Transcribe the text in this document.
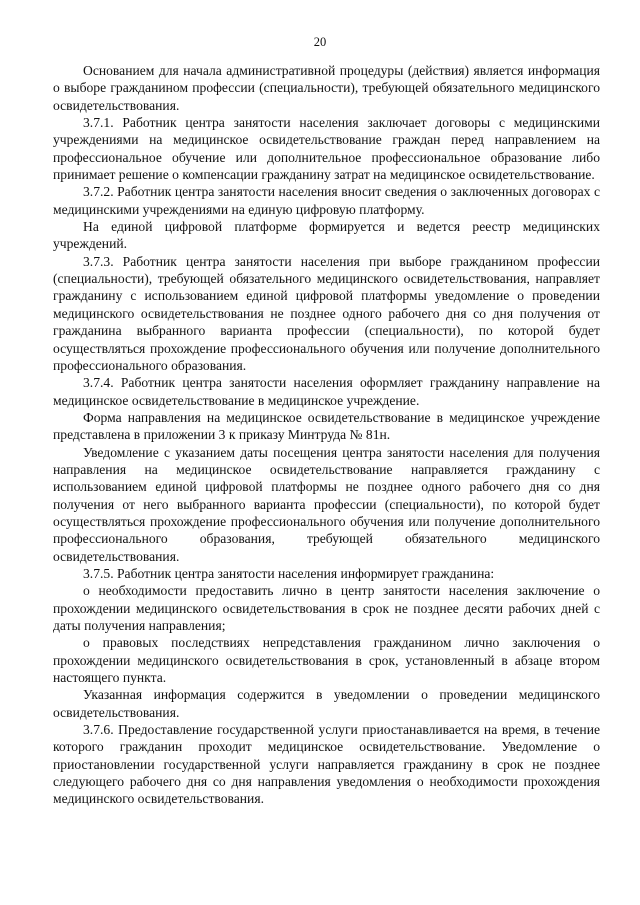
20

Основанием для начала административной процедуры (действия) является информация о выборе гражданином профессии (специальности), требующей обязательного медицинского освидетельствования.

3.7.1. Работник центра занятости населения заключает договоры с медицинскими учреждениями на медицинское освидетельствование граждан перед направлением на профессиональное обучение или дополнительное профессиональное образование либо принимает решение о компенсации гражданину затрат на медицинское освидетельствование.

3.7.2. Работник центра занятости населения вносит сведения о заключенных договорах с медицинскими учреждениями на единую цифровую платформу.

На единой цифровой платформе формируется и ведется реестр медицинских учреждений.

3.7.3. Работник центра занятости населения при выборе гражданином профессии (специальности), требующей обязательного медицинского освидетельствования, направляет гражданину с использованием единой цифровой платформы уведомление о проведении медицинского освидетельствования не позднее одного рабочего дня со дня получения от гражданина выбранного варианта профессии (специальности), по которой будет осуществляться прохождение профессионального обучения или получение дополнительного профессионального образования.

3.7.4. Работник центра занятости населения оформляет гражданину направление на медицинское освидетельствование в медицинское учреждение.

Форма направления на медицинское освидетельствование в медицинское учреждение представлена в приложении 3 к приказу Минтруда № 81н.

Уведомление с указанием даты посещения центра занятости населения для получения направления на медицинское освидетельствование направляется гражданину с использованием единой цифровой платформы не позднее одного рабочего дня со дня получения от него выбранного варианта профессии (специальности), по которой будет осуществляться прохождение профессионального обучения или получение дополнительного профессионального образования, требующей обязательного медицинского освидетельствования.

3.7.5. Работник центра занятости населения информирует гражданина:

о необходимости предоставить лично в центр занятости населения заключение о прохождении медицинского освидетельствования в срок не позднее десяти рабочих дней с даты получения направления;

о правовых последствиях непредставления гражданином лично заключения о прохождении медицинского освидетельствования в срок, установленный в абзаце втором настоящего пункта.

Указанная информация содержится в уведомлении о проведении медицинского освидетельствования.

3.7.6. Предоставление государственной услуги приостанавливается на время, в течение которого гражданин проходит медицинское освидетельствование. Уведомление о приостановлении государственной услуги направляется гражданину в срок не позднее следующего рабочего дня со дня направления уведомления о необходимости прохождения медицинского освидетельствования.
